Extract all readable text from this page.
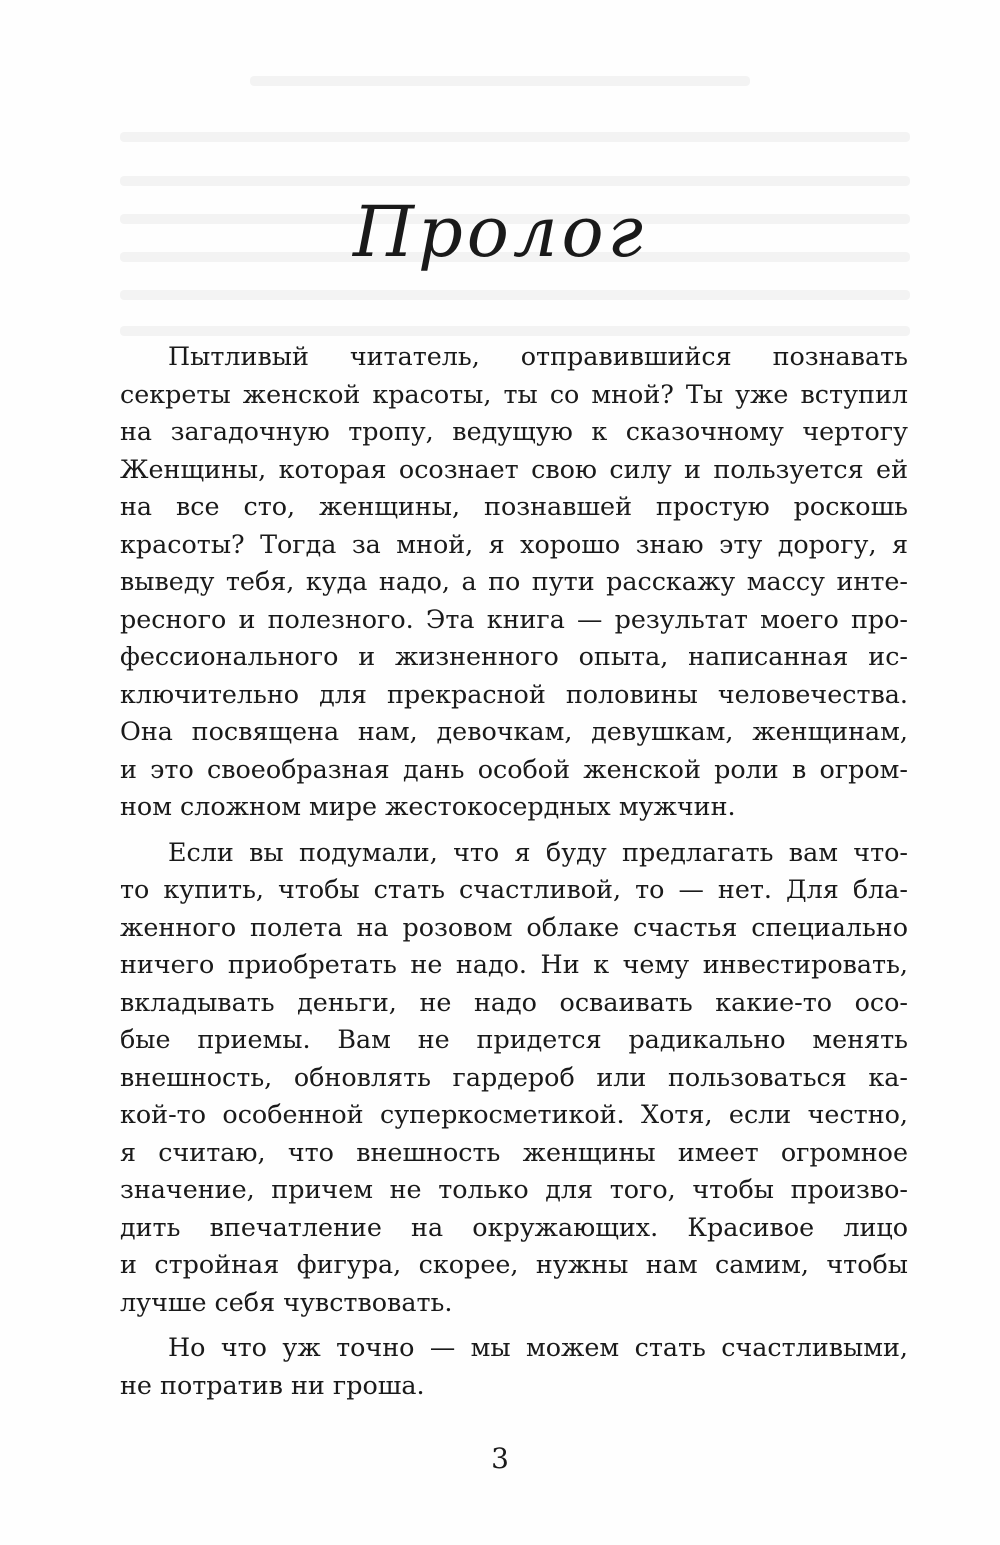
Пролог

Пытливый читатель, отправившийся познавать
секреты женской красоты, ты со мной? Ты уже вступил
на загадочную тропу, ведущую к сказочному чертогу
Женщины, которая осознает свою силу и пользуется ей
на все сто, женщины, познавшей простую роскошь
красоты? Тогда за мной, я хорошо знаю эту дорогу, я
выведу тебя, куда надо, а по пути расскажу массу инте-
ресного и полезного. Эта книга — результат моего про-
фессионального и жизненного опыта, написанная ис-
ключительно для прекрасной половины человечества.
Она посвящена нам, девочкам, девушкам, женщинам,
и это своеобразная дань особой женской роли в огром-
ном сложном мире жестокосердных мужчин.

Если вы подумали, что я буду предлагать вам что-
то купить, чтобы стать счастливой, то — нет. Для бла-
женного полета на розовом облаке счастья специально
ничего приобретать не надо. Ни к чему инвестировать,
вкладывать деньги, не надо осваивать какие-то осо-
бые приемы. Вам не придется радикально менять
внешность, обновлять гардероб или пользоваться ка-
кой-то особенной суперкосметикой. Хотя, если честно,
я считаю, что внешность женщины имеет огромное
значение, причем не только для того, чтобы произво-
дить впечатление на окружающих. Красивое лицо
и стройная фигура, скорее, нужны нам самим, чтобы
лучше себя чувствовать.

Но что уж точно — мы можем стать счастливыми,
не потратив ни гроша.

3
